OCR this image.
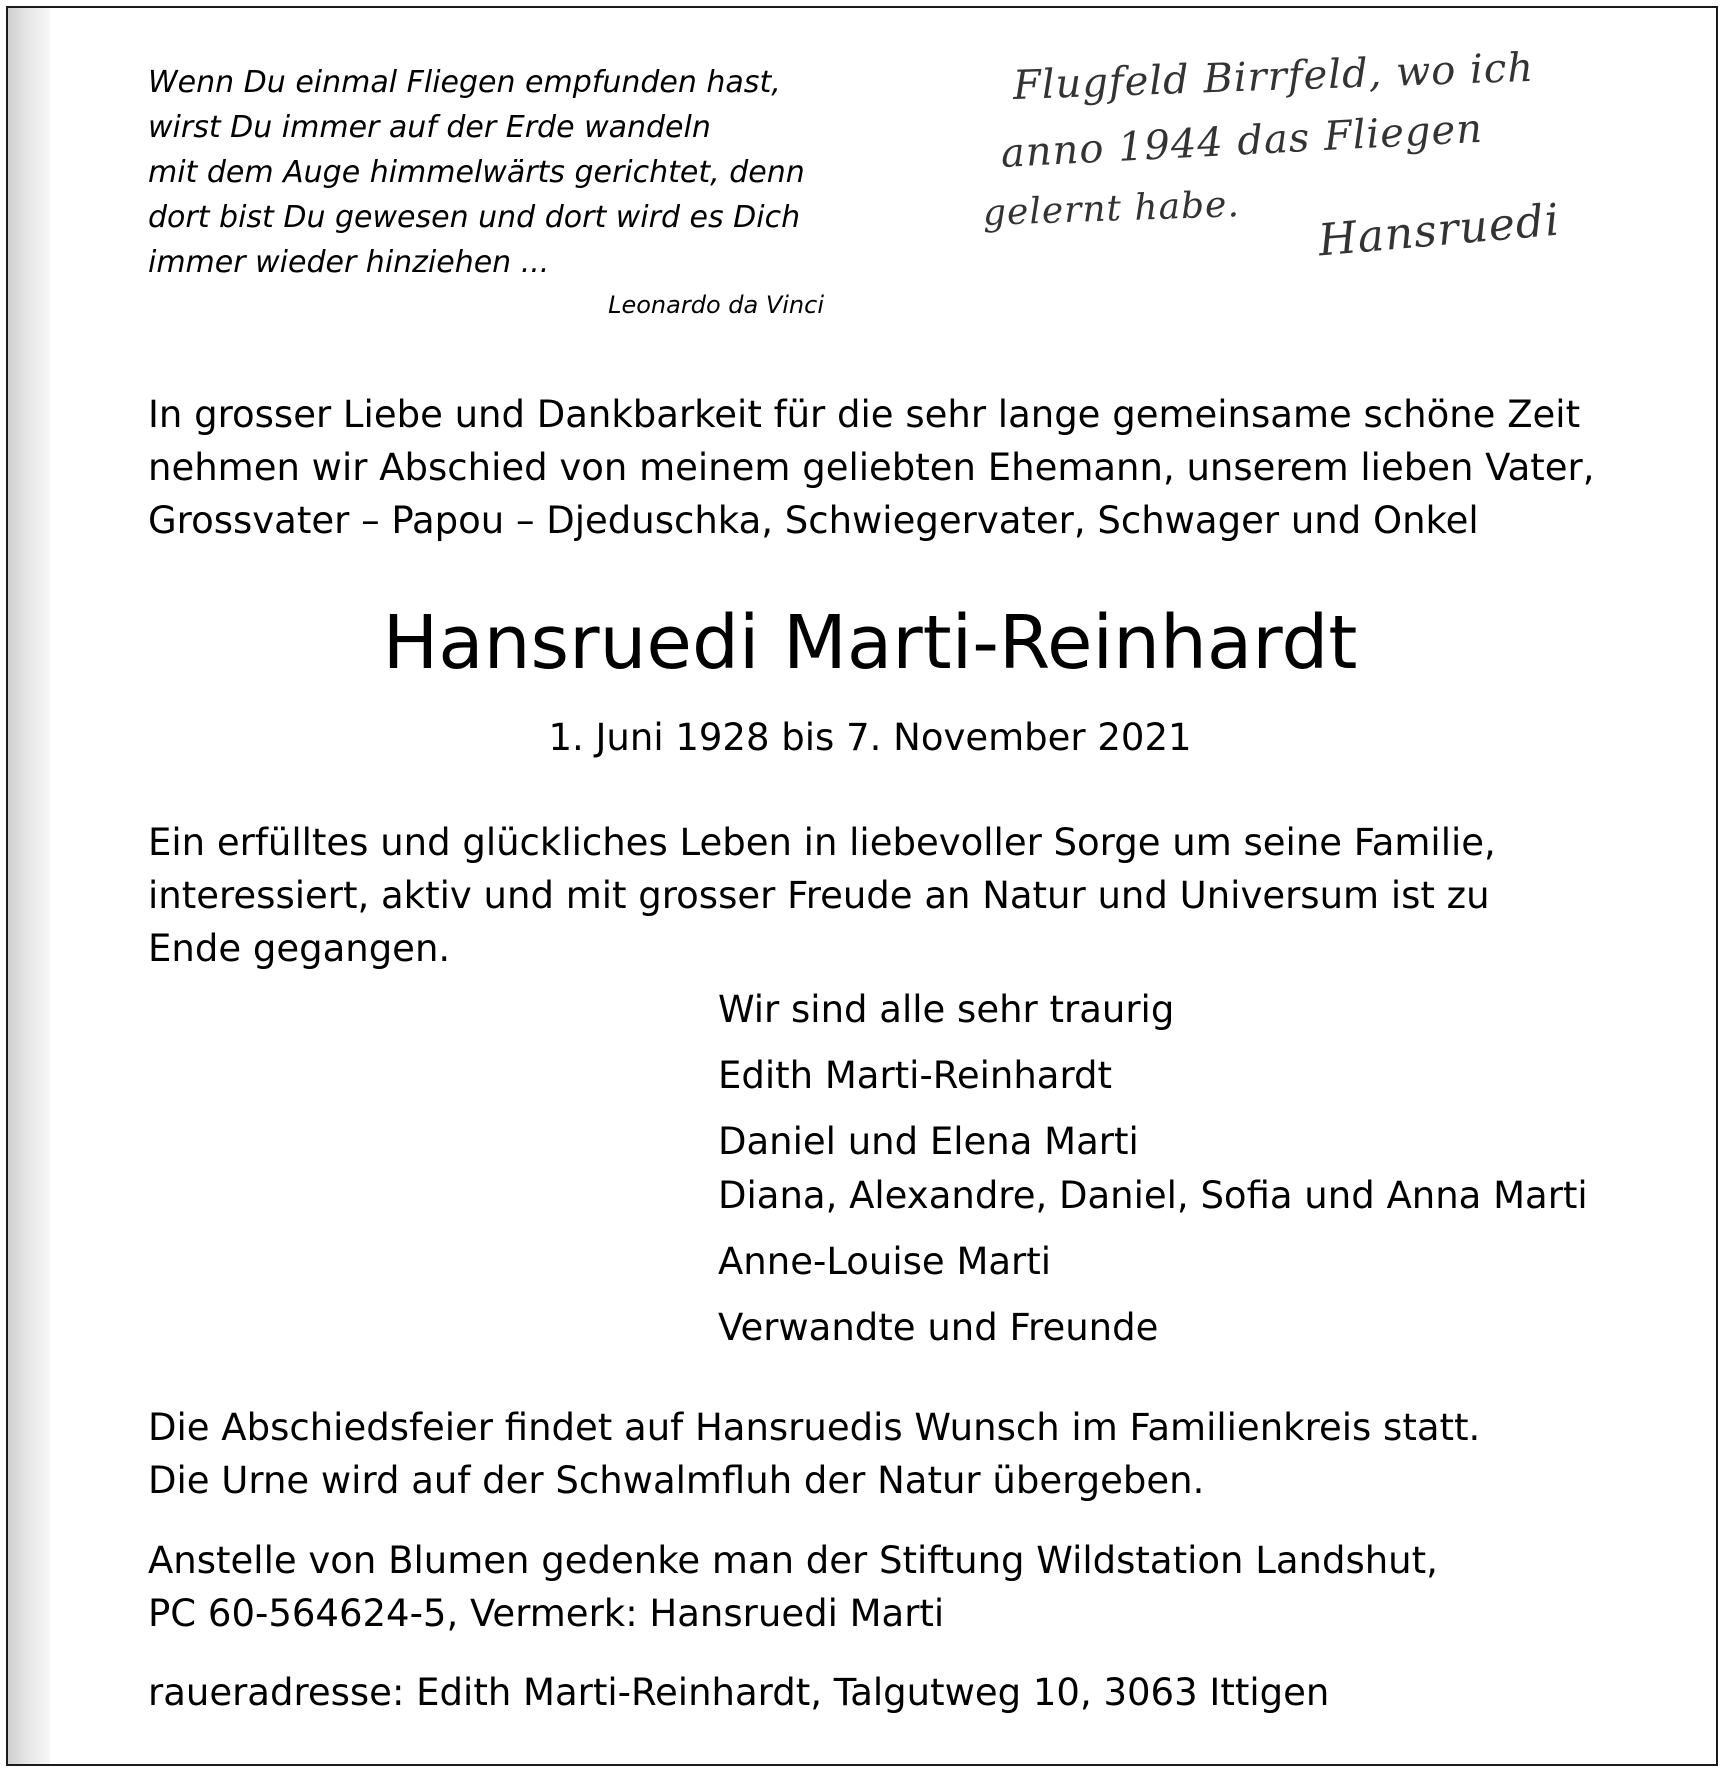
Wenn Du einmal Fliegen empfunden hast,
wirst Du immer auf der Erde wandeln
mit dem Auge himmelwärts gerichtet, denn
dort bist Du gewesen und dort wird es Dich
immer wieder hinziehen ...
Leonardo da Vinci
Flugfeld Birrfeld, wo ich
anno 1944 das Fliegen
gelernt habe. Hansruedi
In grosser Liebe und Dankbarkeit für die sehr lange gemeinsame schöne Zeit
nehmen wir Abschied von meinem geliebten Ehemann, unserem lieben Vater,
Grossvater – Papou – Djeduschka, Schwiegervater, Schwager und Onkel
Hansruedi Marti-Reinhardt
1. Juni 1928 bis 7. November 2021
Ein erfülltes und glückliches Leben in liebevoller Sorge um seine Familie,
interessiert, aktiv und mit grosser Freude an Natur und Universum ist zu
Ende gegangen.
Wir sind alle sehr traurig
Edith Marti-Reinhardt
Daniel und Elena Marti
Diana, Alexandre, Daniel, Sofia und Anna Marti
Anne-Louise Marti
Verwandte und Freunde
Die Abschiedsfeier findet auf Hansruedis Wunsch im Familienkreis statt.
Die Urne wird auf der Schwalmfluh der Natur übergeben.
Anstelle von Blumen gedenke man der Stiftung Wildstation Landshut,
PC 60-564624-5, Vermerk: Hansruedi Marti
raueradresse: Edith Marti-Reinhardt, Talgutweg 10, 3063 Ittigen
